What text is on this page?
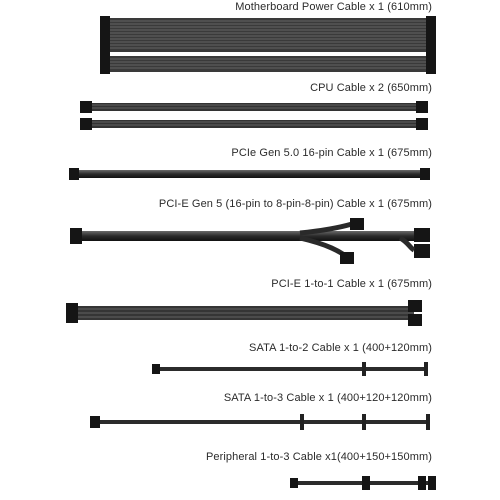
Motherboard Power Cable x 1 (610mm)
CPU Cable x 2 (650mm)
PCIe Gen 5.0 16-pin Cable x 1 (675mm)
PCI-E Gen 5 (16-pin to 8-pin-8-pin) Cable x 1 (675mm)
PCI-E 1-to-1 Cable x 1 (675mm)
SATA 1-to-2 Cable x 1 (400+120mm)
SATA 1-to-3 Cable x 1 (400+120+120mm)
Peripheral 1-to-3 Cable x1(400+150+150mm)
